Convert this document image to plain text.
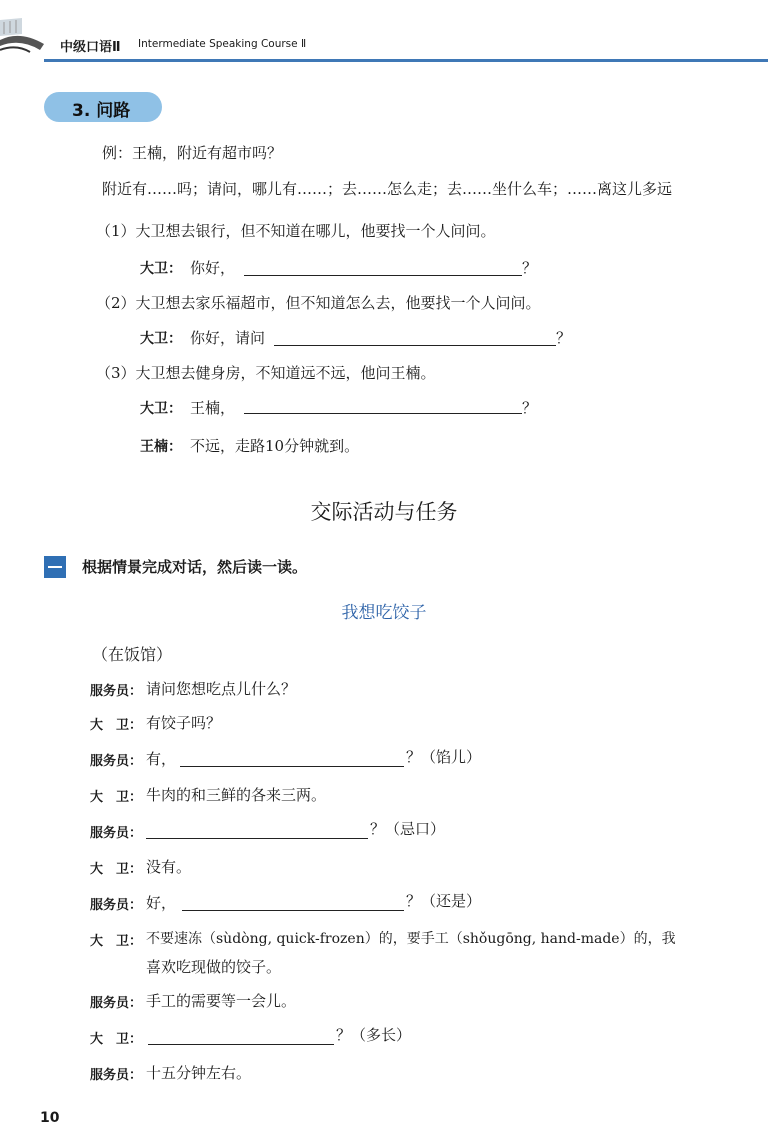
中级口语Ⅱ Intermediate Speaking Course Ⅱ
3. 问路
例：王楠，附近有超市吗？
附近有……吗；请问，哪儿有……；去……怎么走；去……坐什么车；……离这儿多远
（1）大卫想去银行，但不知道在哪儿，他要找一个人问问。
大卫： 你好，	？
（2）大卫想去家乐福超市，但不知道怎么去，他要找一个人问问。
大卫： 你好，请问	？
（3）大卫想去健身房，不知道远不远，他问王楠。
大卫： 王楠，	？
王楠： 不远，走路10分钟就到。
交际活动与任务
根据情景完成对话，然后读一读。
我想吃饺子
（在饭馆）
服务员： 请问您想吃点儿什么？
大　卫： 有饺子吗？
服务员： 有，	？（馅儿）
大　卫： 牛肉的和三鲜的各来三两。
服务员：	？（忌口）
大　卫： 没有。
服务员： 好，	？（还是）
大　卫： 不要速冻（sùdòng, quick-frozen）的，要手工（shǒugōng, hand-made）的，我
喜欢吃现做的饺子。
服务员： 手工的需要等一会儿。
大　卫：	？（多长）
服务员： 十五分钟左右。
10
